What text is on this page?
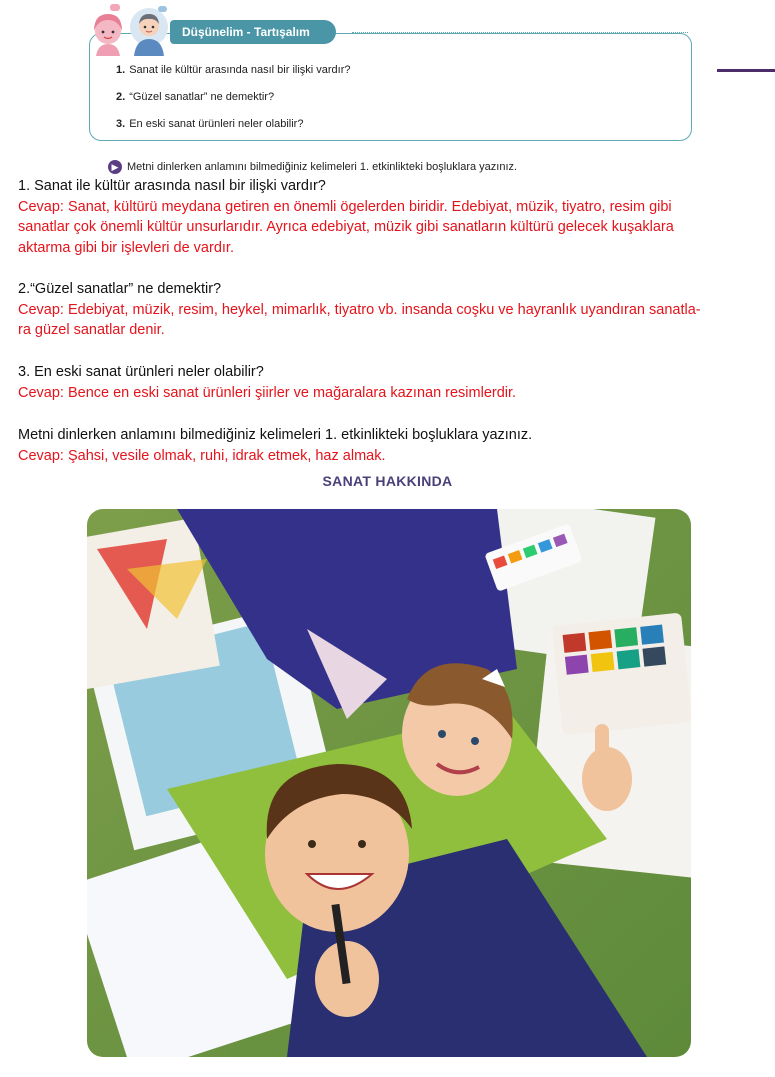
Düşünelim - Tartışalım
1. Sanat ile kültür arasında nasıl bir ilişki vardır?
2. “Güzel sanatlar” ne demektir?
3. En eski sanat ürünleri neler olabilir?
▶ Metni dinlerken anlamını bilmediğiniz kelimeleri 1. etkinlikteki boşluklara yazınız.
1. Sanat ile kültür arasında nasıl bir ilişki vardır?
Cevap: Sanat, kültürü meydana getiren en önemli ögelerden biridir. Edebiyat, müzik, tiyatro, resim gibi
sanatlar çok önemli kültür unsurlarıdır. Ayrıca edebiyat, müzik gibi sanatların kültürü gelecek kuşaklara
aktarma gibi bir işlevleri de vardır.
2.“Güzel sanatlar” ne demektir?
Cevap: Edebiyat, müzik, resim, heykel, mimarlık, tiyatro vb. insanda coşku ve hayranlık uyandıran sanatla-
ra güzel sanatlar denir.
3. En eski sanat ürünleri neler olabilir?
Cevap: Bence en eski sanat ürünleri şiirler ve mağaralara kazınan resimlerdir.
Metni dinlerken anlamını bilmediğiniz kelimeleri 1. etkinlikteki boşluklara yazınız.
Cevap: Şahsi, vesile olmak, ruhi, idrak etmek, haz almak.
SANAT HAKKINDA
